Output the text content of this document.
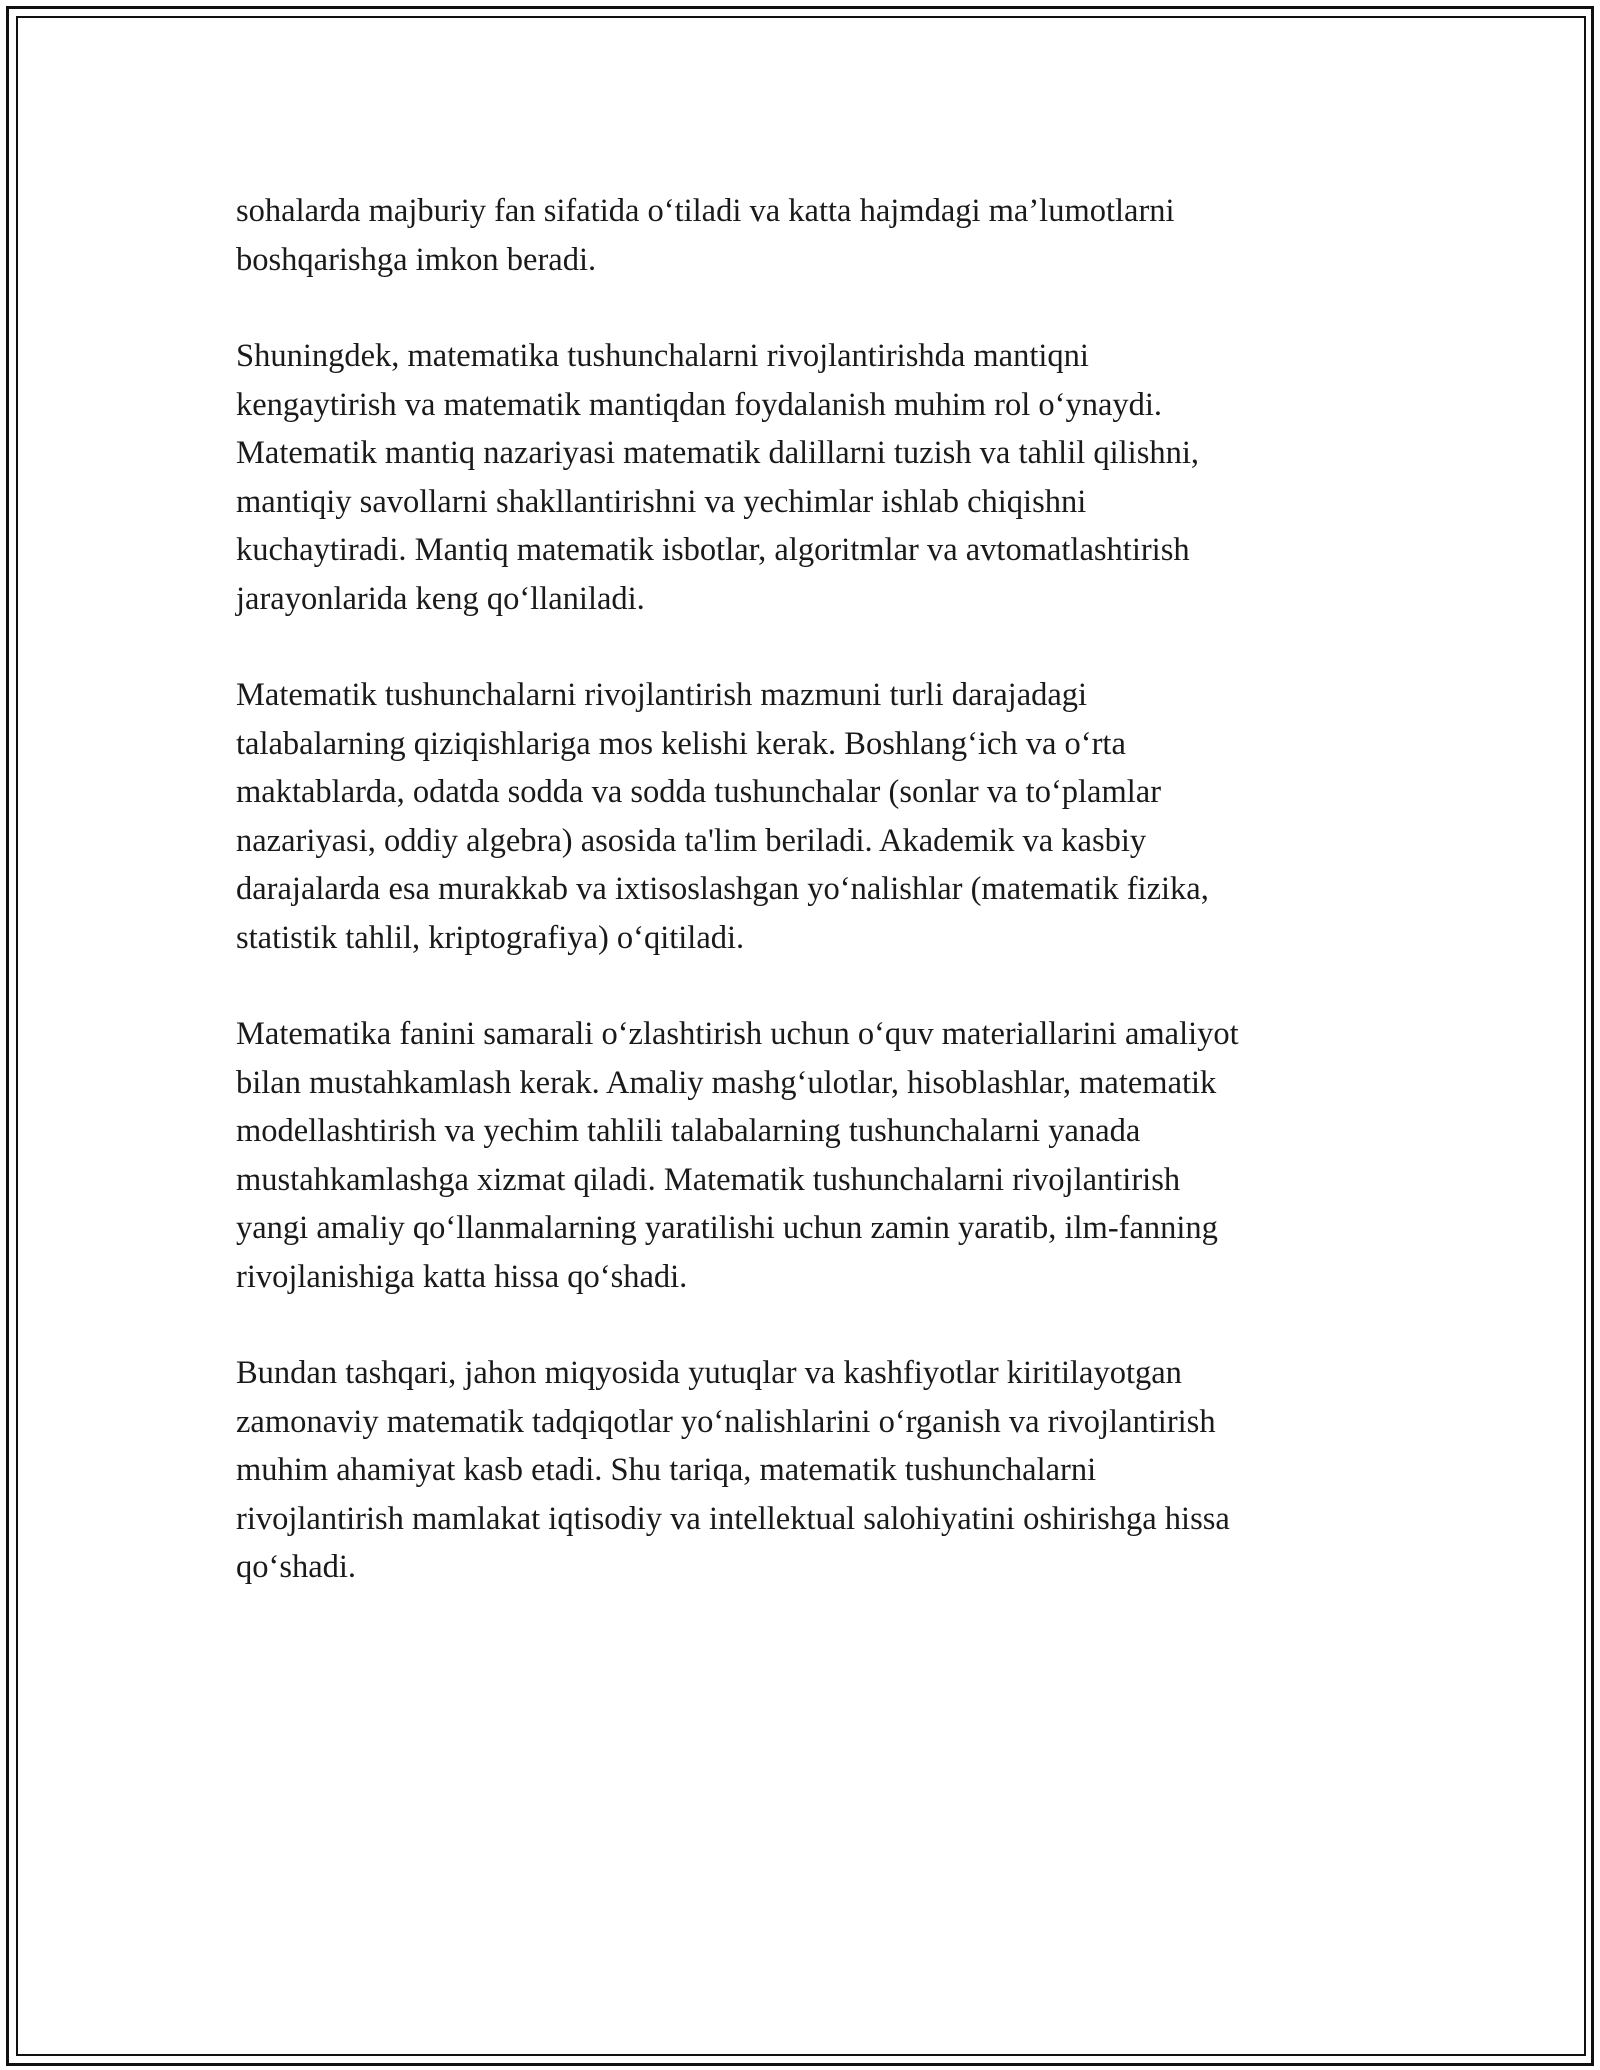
sohalarda majburiy fan sifatida o‘tiladi va katta hajmdagi ma’lumotlarni
boshqarishga imkon beradi.

Shuningdek, matematika tushunchalarni rivojlantirishda mantiqni
kengaytirish va matematik mantiqdan foydalanish muhim rol o‘ynaydi.
Matematik mantiq nazariyasi matematik dalillarni tuzish va tahlil qilishni,
mantiqiy savollarni shakllantirishni va yechimlar ishlab chiqishni
kuchaytiradi. Mantiq matematik isbotlar, algoritmlar va avtomatlashtirish
jarayonlarida keng qo‘llaniladi.

Matematik tushunchalarni rivojlantirish mazmuni turli darajadagi
talabalarning qiziqishlariga mos kelishi kerak. Boshlang‘ich va o‘rta
maktablarda, odatda sodda va sodda tushunchalar (sonlar va to‘plamlar
nazariyasi, oddiy algebra) asosida ta'lim beriladi. Akademik va kasbiy
darajalarda esa murakkab va ixtisoslashgan yo‘nalishlar (matematik fizika,
statistik tahlil, kriptografiya) o‘qitiladi.

Matematika fanini samarali o‘zlashtirish uchun o‘quv materiallarini amaliyot
bilan mustahkamlash kerak. Amaliy mashg‘ulotlar, hisoblashlar, matematik
modellashtirish va yechim tahlili talabalarning tushunchalarni yanada
mustahkamlashga xizmat qiladi. Matematik tushunchalarni rivojlantirish
yangi amaliy qo‘llanmalarning yaratilishi uchun zamin yaratib, ilm-fanning
rivojlanishiga katta hissa qo‘shadi.

Bundan tashqari, jahon miqyosida yutuqlar va kashfiyotlar kiritilayotgan
zamonaviy matematik tadqiqotlar yo‘nalishlarini o‘rganish va rivojlantirish
muhim ahamiyat kasb etadi. Shu tariqa, matematik tushunchalarni
rivojlantirish mamlakat iqtisodiy va intellektual salohiyatini oshirishga hissa
qo‘shadi.
